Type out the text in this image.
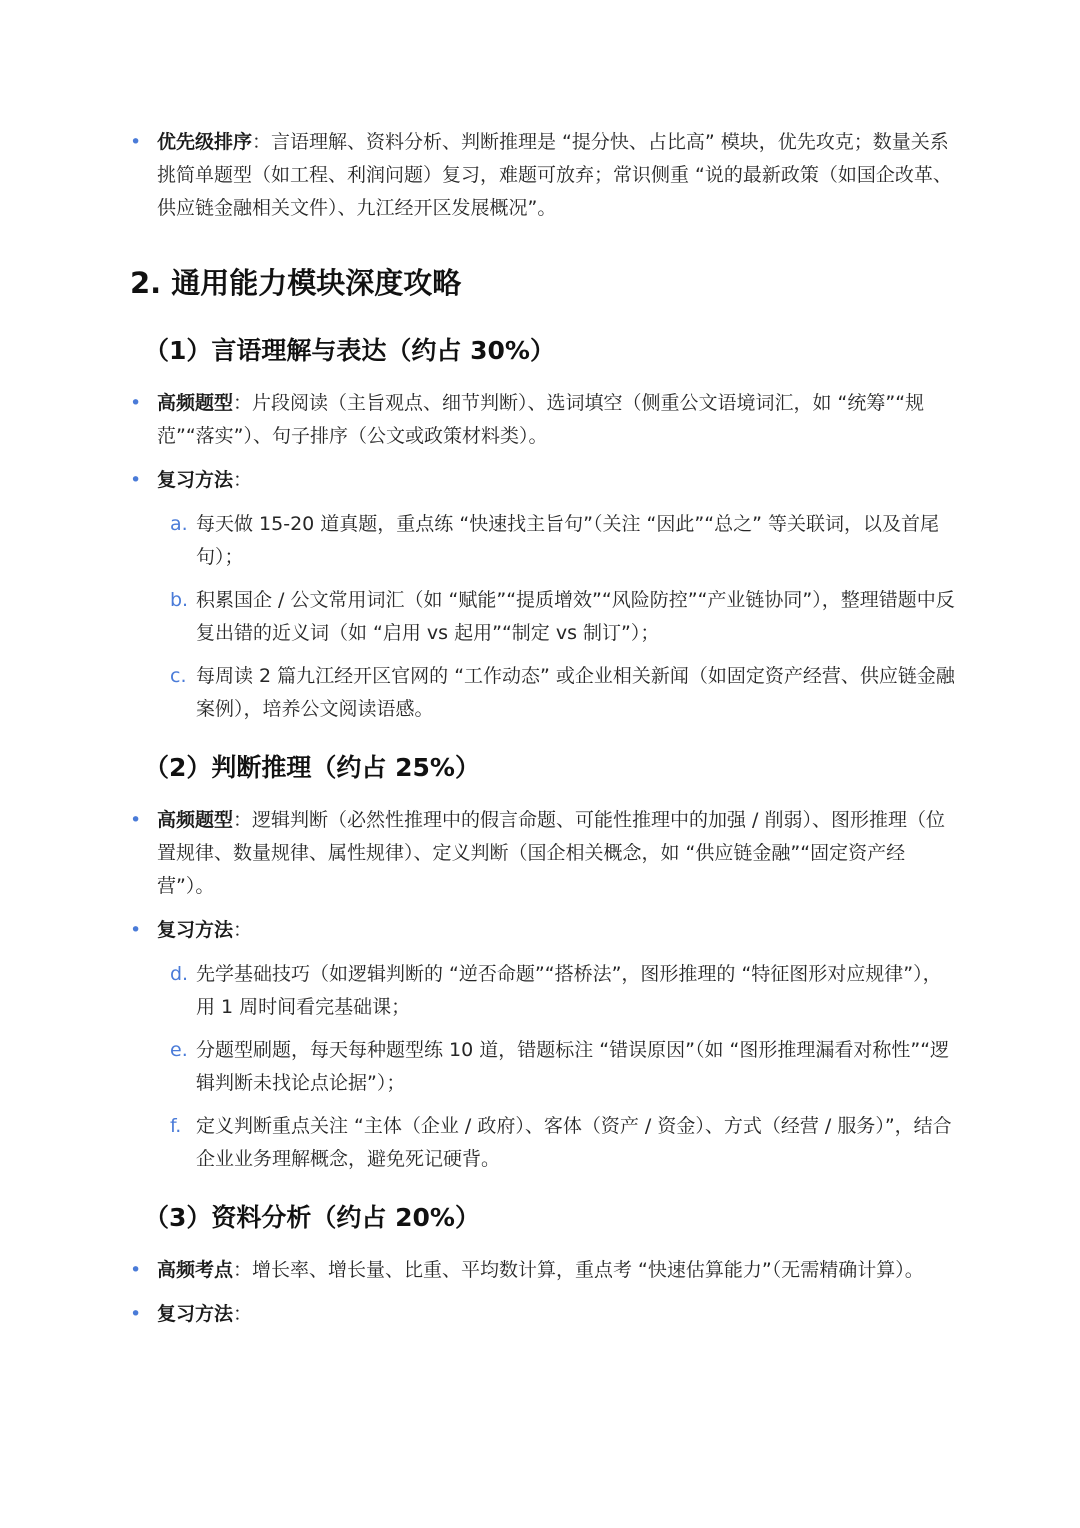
• 优先级排序：言语理解、资料分析、判断推理是 “提分快、占比高” 模块，优先攻克；数量关系挑简单题型（如工程、利润问题）复习，难题可放弃；常识侧重 “说的最新政策（如国企改革、供应链金融相关文件）、九江经开区发展概况”。
2. 通用能力模块深度攻略
（1）言语理解与表达（约占 30%）
• 高频题型：片段阅读（主旨观点、细节判断）、选词填空（侧重公文语境词汇，如 “统筹”“规范”“落实”）、句子排序（公文或政策材料类）。
• 复习方法：
a. 每天做 15-20 道真题，重点练 “快速找主旨句”（关注 “因此”“总之” 等关联词，以及首尾句）；
b. 积累国企 / 公文常用词汇（如 “赋能”“提质增效”“风险防控”“产业链协同”），整理错题中反复出错的近义词（如 “启用 vs 起用”“制定 vs 制订”）；
c. 每周读 2 篇九江经开区官网的 “工作动态” 或企业相关新闻（如固定资产经营、供应链金融案例），培养公文阅读语感。
（2）判断推理（约占 25%）
• 高频题型：逻辑判断（必然性推理中的假言命题、可能性推理中的加强 / 削弱）、图形推理（位置规律、数量规律、属性规律）、定义判断（国企相关概念，如 “供应链金融”“固定资产经营”）。
• 复习方法：
d. 先学基础技巧（如逻辑判断的 “逆否命题”“搭桥法”，图形推理的 “特征图形对应规律”），用 1 周时间看完基础课；
e. 分题型刷题，每天每种题型练 10 道，错题标注 “错误原因”（如 “图形推理漏看对称性”“逻辑判断未找论点论据”）；
f. 定义判断重点关注 “主体（企业 / 政府）、客体（资产 / 资金）、方式（经营 / 服务）”，结合企业业务理解概念，避免死记硬背。
（3）资料分析（约占 20%）
• 高频考点：增长率、增长量、比重、平均数计算，重点考 “快速估算能力”（无需精确计算）。
• 复习方法：
